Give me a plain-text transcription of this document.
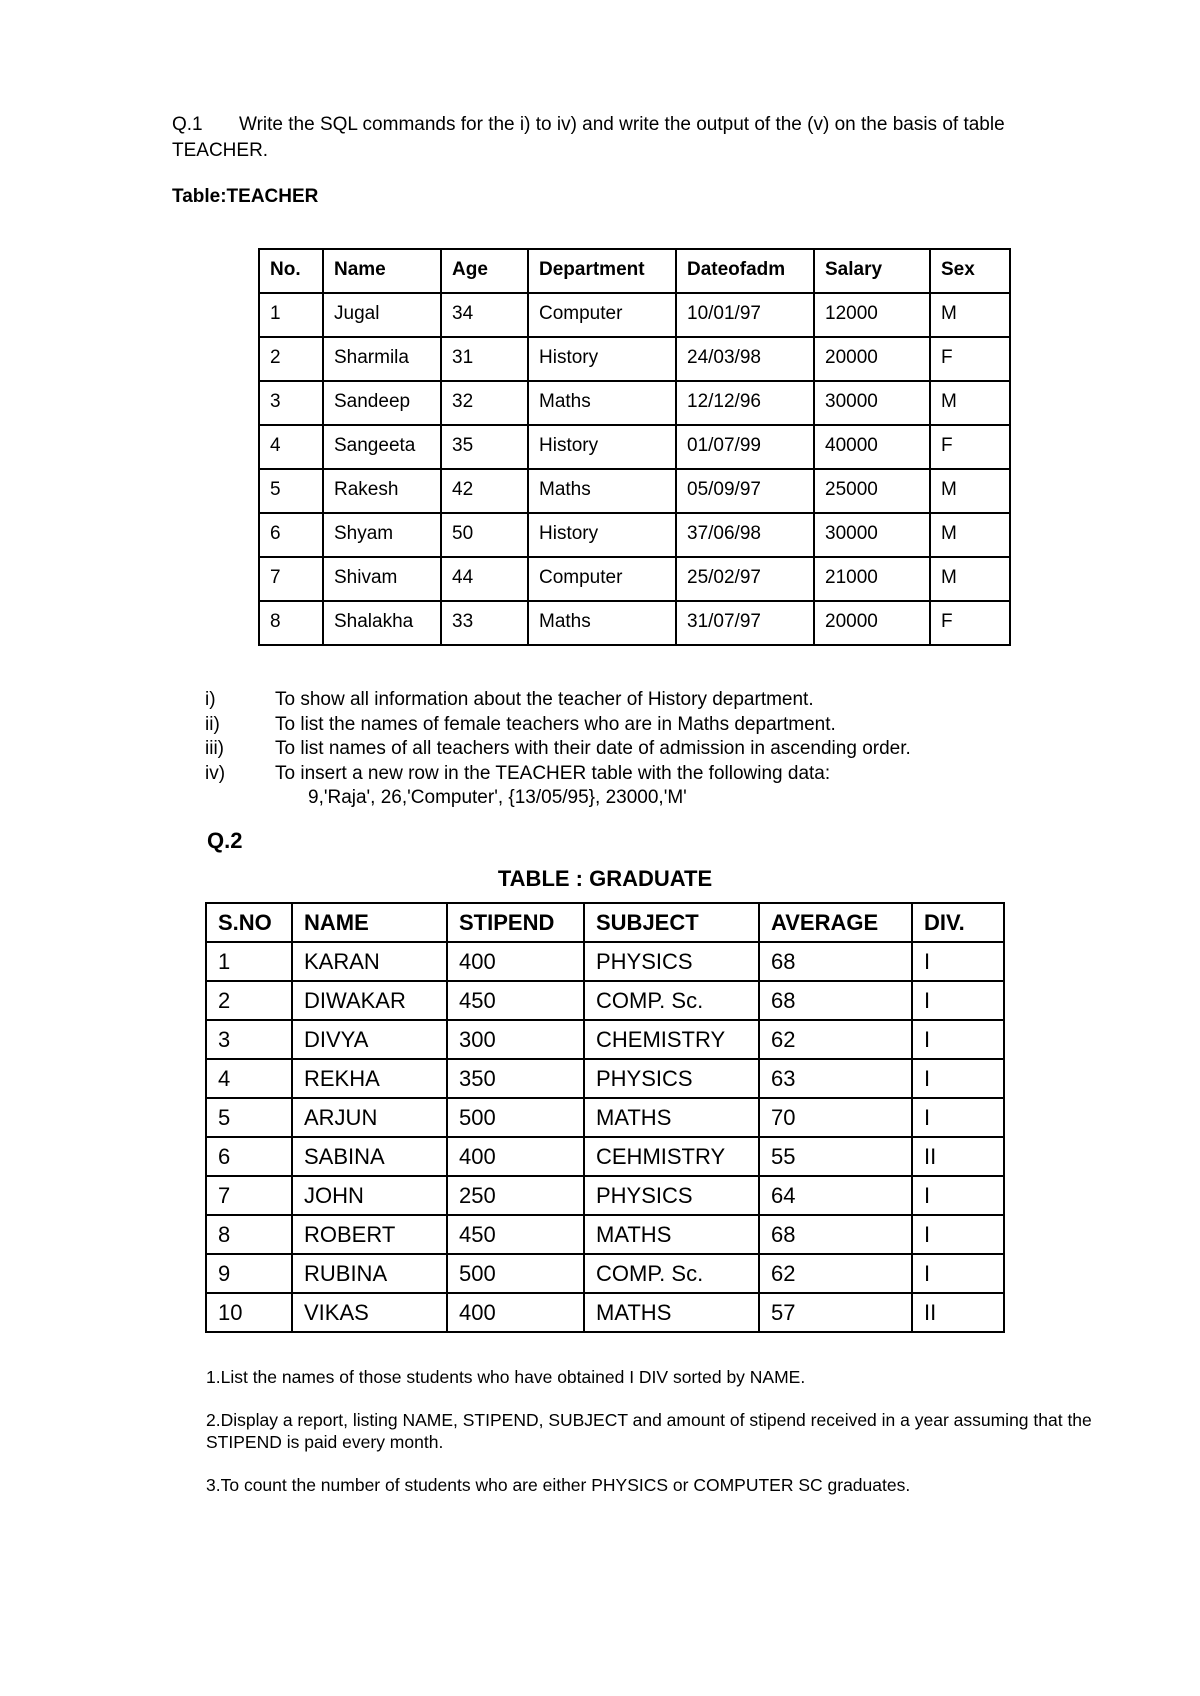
Q.1 Write the SQL commands for the i) to iv) and write the output of the (v) on the basis of table
TEACHER.
Table:TEACHER
No.	Name	Age	Department	Dateofadm	Salary	Sex
1	Jugal	34	Computer	10/01/97	12000	M
2	Sharmila	31	History	24/03/98	20000	F
3	Sandeep	32	Maths	12/12/96	30000	M
4	Sangeeta	35	History	01/07/99	40000	F
5	Rakesh	42	Maths	05/09/97	25000	M
6	Shyam	50	History	37/06/98	30000	M
7	Shivam	44	Computer	25/02/97	21000	M
8	Shalakha	33	Maths	31/07/97	20000	F
i)	To show all information about the teacher of History department.
ii)	To list the names of female teachers who are in Maths department.
iii)	To list names of all teachers with their date of admission in ascending order.
iv)	To insert a new row in the TEACHER table with the following data:
9,'Raja', 26,'Computer', {13/05/95}, 23000,'M'
Q.2
TABLE : GRADUATE
S.NO	NAME	STIPEND	SUBJECT	AVERAGE	DIV.
1	KARAN	400	PHYSICS	68	I
2	DIWAKAR	450	COMP. Sc.	68	I
3	DIVYA	300	CHEMISTRY	62	I
4	REKHA	350	PHYSICS	63	I
5	ARJUN	500	MATHS	70	I
6	SABINA	400	CEHMISTRY	55	II
7	JOHN	250	PHYSICS	64	I
8	ROBERT	450	MATHS	68	I
9	RUBINA	500	COMP. Sc.	62	I
10	VIKAS	400	MATHS	57	II

1.List the names of those students who have obtained I DIV sorted by NAME.

2.Display a report, listing NAME, STIPEND, SUBJECT and amount of stipend received in a year assuming that the STIPEND is paid every month.

3.To count the number of students who are either PHYSICS or COMPUTER SC graduates.
